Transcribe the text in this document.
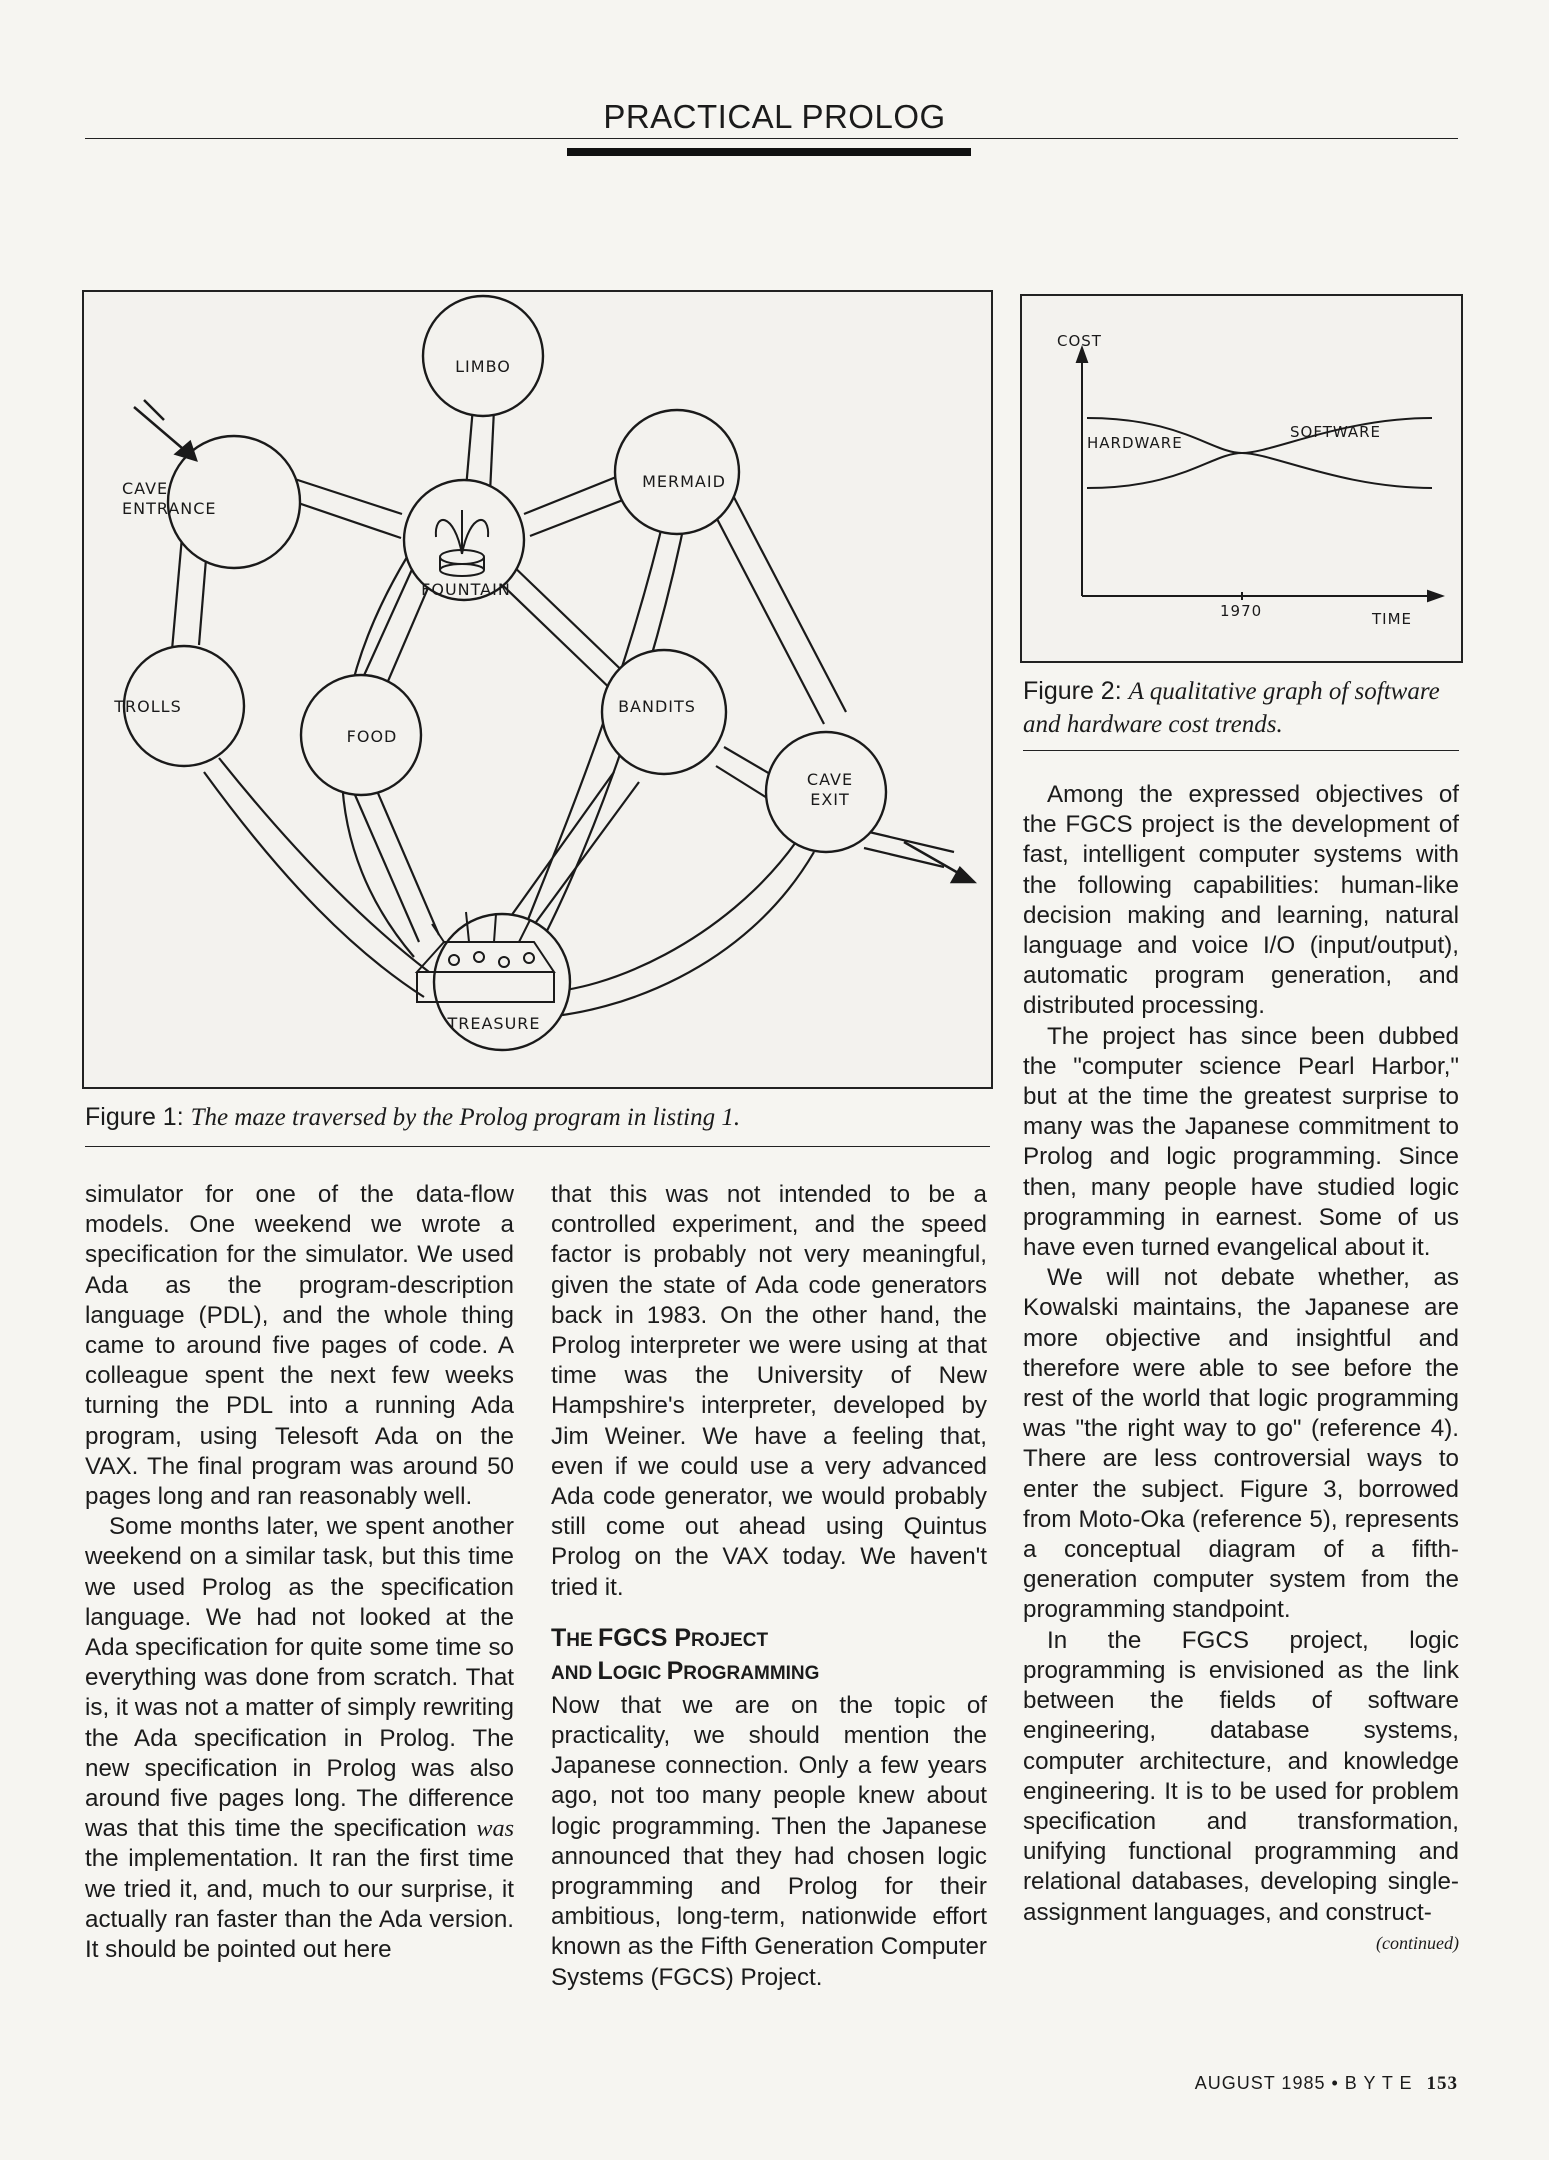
PRACTICAL PROLOG
LIMBO
CAVE
ENTRANCE
MERMAID
FOUNTAIN
TROLLS
FOOD
BANDITS
CAVE
EXIT
TREASURE
Figure 1: The maze traversed by the Prolog program in listing 1.
COST
TIME
1970
HARDWARE
SOFTWARE
Figure 2: A qualitative graph of software and hardware cost trends.

simulator for one of the data-flow models. One weekend we wrote a specification for the simulator. We used Ada as the program-description language (PDL), and the whole thing came to around five pages of code. A colleague spent the next few weeks turning the PDL into a running Ada program, using Telesoft Ada on the VAX. The final program was around 50 pages long and ran reasonably well.

Some months later, we spent another weekend on a similar task, but this time we used Prolog as the specification language. We had not looked at the Ada specification for quite some time so everything was done from scratch. That is, it was not a matter of simply rewriting the Ada specification in Prolog. The new specification in Prolog was also around five pages long. The difference was that this time the specification was the implementation. It ran the first time we tried it, and, much to our surprise, it actually ran faster than the Ada version. It should be pointed out here

that this was not intended to be a controlled experiment, and the speed factor is probably not very meaningful, given the state of Ada code generators back in 1983. On the other hand, the Prolog interpreter we were using at that time was the University of New Hampshire's interpreter, developed by Jim Weiner. We have a feeling that, even if we could use a very advanced Ada code generator, we would probably still come out ahead using Quintus Prolog on the VAX today. We haven't tried it.

THE FGCS PROJECT
AND LOGIC PROGRAMMING

Now that we are on the topic of practicality, we should mention the Japanese connection. Only a few years ago, not too many people knew about logic programming. Then the Japanese announced that they had chosen logic programming and Prolog for their ambitious, long-term, nationwide effort known as the Fifth Generation Computer Systems (FGCS) Project.

Among the expressed objectives of the FGCS project is the development of fast, intelligent computer systems with the following capabilities: human-like decision making and learning, natural language and voice I/O (input/output), automatic program generation, and distributed processing.

The project has since been dubbed the "computer science Pearl Harbor," but at the time the greatest surprise to many was the Japanese commitment to Prolog and logic programming. Since then, many people have studied logic programming in earnest. Some of us have even turned evangelical about it.

We will not debate whether, as Kowalski maintains, the Japanese are more objective and insightful and therefore were able to see before the rest of the world that logic programming was "the right way to go" (reference 4). There are less controversial ways to enter the subject. Figure 3, borrowed from Moto-Oka (reference 5), represents a conceptual diagram of a fifth-generation computer system from the programming standpoint.

In the FGCS project, logic programming is envisioned as the link between the fields of software engineering, database systems, computer architecture, and knowledge engineering. It is to be used for problem specification and transformation, unifying functional programming and relational databases, developing single-assignment languages, and construct-

(continued)
AUGUST 1985 • B Y T E 153
